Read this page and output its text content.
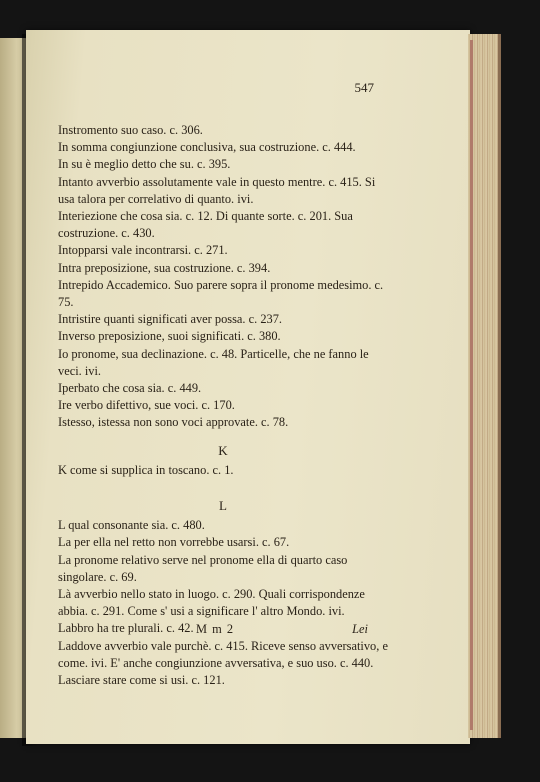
547

Instromento suo caso. c. 306.

In somma congiunzione conclusiva, sua costruzione. c. 444.

In su è meglio detto che su. c. 395.

Intanto avverbio assolutamente vale in questo mentre. c. 415. Si usa talora per correlativo di quanto. ivi.

Interiezione che cosa sia. c. 12. Di quante sorte. c. 201. Sua costruzione. c. 430.

Intopparsi vale incontrarsi. c. 271.

Intra preposizione, sua costruzione. c. 394.

Intrepido Accademico. Suo parere sopra il pronome medesimo. c. 75.

Intristire quanti significati aver possa. c. 237.

Inverso preposizione, suoi significati. c. 380.

Io pronome, sua declinazione. c. 48. Particelle, che ne fanno le veci. ivi.

Iperbato che cosa sia. c. 449.

Ire verbo difettivo, sue voci. c. 170.

Istesso, istessa non sono voci approvate. c. 78.

K

K come si supplica in toscano. c. 1.

L

L qual consonante sia. c. 480.

La per ella nel retto non vorrebbe usarsi. c. 67.

La pronome relativo serve nel pronome ella di quarto caso singolare. c. 69.

Là avverbio nello stato in luogo. c. 290. Quali corrispondenze abbia. c. 291. Come s' usi a significare l' altro Mondo. ivi.

Labbro ha tre plurali. c. 42.

Laddove avverbio vale purchè. c. 415. Riceve senso avversativo, e come. ivi. E' anche congiunzione avversativa, e suo uso. c. 440.

Lasciare stare come si usi. c. 121.

M m 2	Lei
